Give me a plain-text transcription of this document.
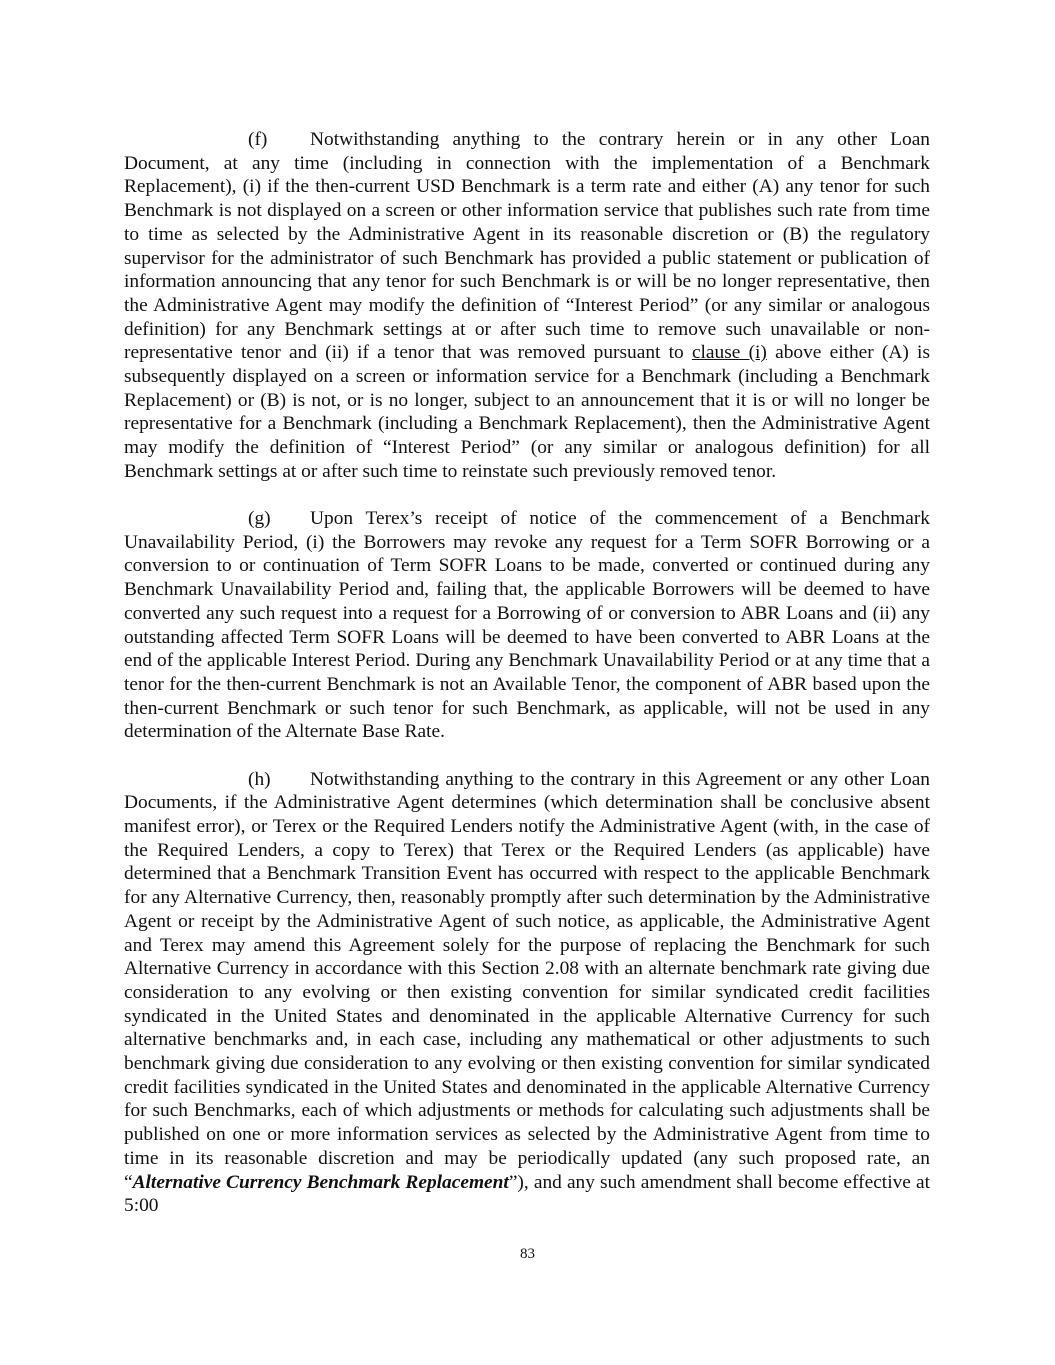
(f) Notwithstanding anything to the contrary herein or in any other Loan Document, at any time (including in connection with the implementation of a Benchmark Replacement), (i) if the then-current USD Benchmark is a term rate and either (A) any tenor for such Benchmark is not displayed on a screen or other information service that publishes such rate from time to time as selected by the Administrative Agent in its reasonable discretion or (B) the regulatory supervisor for the administrator of such Benchmark has provided a public statement or publication of information announcing that any tenor for such Benchmark is or will be no longer representative, then the Administrative Agent may modify the definition of “Interest Period” (or any similar or analogous definition) for any Benchmark settings at or after such time to remove such unavailable or non-representative tenor and (ii) if a tenor that was removed pursuant to clause (i) above either (A) is subsequently displayed on a screen or information service for a Benchmark (including a Benchmark Replacement) or (B) is not, or is no longer, subject to an announcement that it is or will no longer be representative for a Benchmark (including a Benchmark Replacement), then the Administrative Agent may modify the definition of “Interest Period” (or any similar or analogous definition) for all Benchmark settings at or after such time to reinstate such previously removed tenor.

(g) Upon Terex’s receipt of notice of the commencement of a Benchmark Unavailability Period, (i) the Borrowers may revoke any request for a Term SOFR Borrowing or a conversion to or continuation of Term SOFR Loans to be made, converted or continued during any Benchmark Unavailability Period and, failing that, the applicable Borrowers will be deemed to have converted any such request into a request for a Borrowing of or conversion to ABR Loans and (ii) any outstanding affected Term SOFR Loans will be deemed to have been converted to ABR Loans at the end of the applicable Interest Period. During any Benchmark Unavailability Period or at any time that a tenor for the then-current Benchmark is not an Available Tenor, the component of ABR based upon the then-current Benchmark or such tenor for such Benchmark, as applicable, will not be used in any determination of the Alternate Base Rate.

(h) Notwithstanding anything to the contrary in this Agreement or any other Loan Documents, if the Administrative Agent determines (which determination shall be conclusive absent manifest error), or Terex or the Required Lenders notify the Administrative Agent (with, in the case of the Required Lenders, a copy to Terex) that Terex or the Required Lenders (as applicable) have determined that a Benchmark Transition Event has occurred with respect to the applicable Benchmark for any Alternative Currency, then, reasonably promptly after such determination by the Administrative Agent or receipt by the Administrative Agent of such notice, as applicable, the Administrative Agent and Terex may amend this Agreement solely for the purpose of replacing the Benchmark for such Alternative Currency in accordance with this Section 2.08 with an alternate benchmark rate giving due consideration to any evolving or then existing convention for similar syndicated credit facilities syndicated in the United States and denominated in the applicable Alternative Currency for such alternative benchmarks and, in each case, including any mathematical or other adjustments to such benchmark giving due consideration to any evolving or then existing convention for similar syndicated credit facilities syndicated in the United States and denominated in the applicable Alternative Currency for such Benchmarks, each of which adjustments or methods for calculating such adjustments shall be published on one or more information services as selected by the Administrative Agent from time to time in its reasonable discretion and may be periodically updated (any such proposed rate, an “Alternative Currency Benchmark Replacement”), and any such amendment shall become effective at 5:00

83
